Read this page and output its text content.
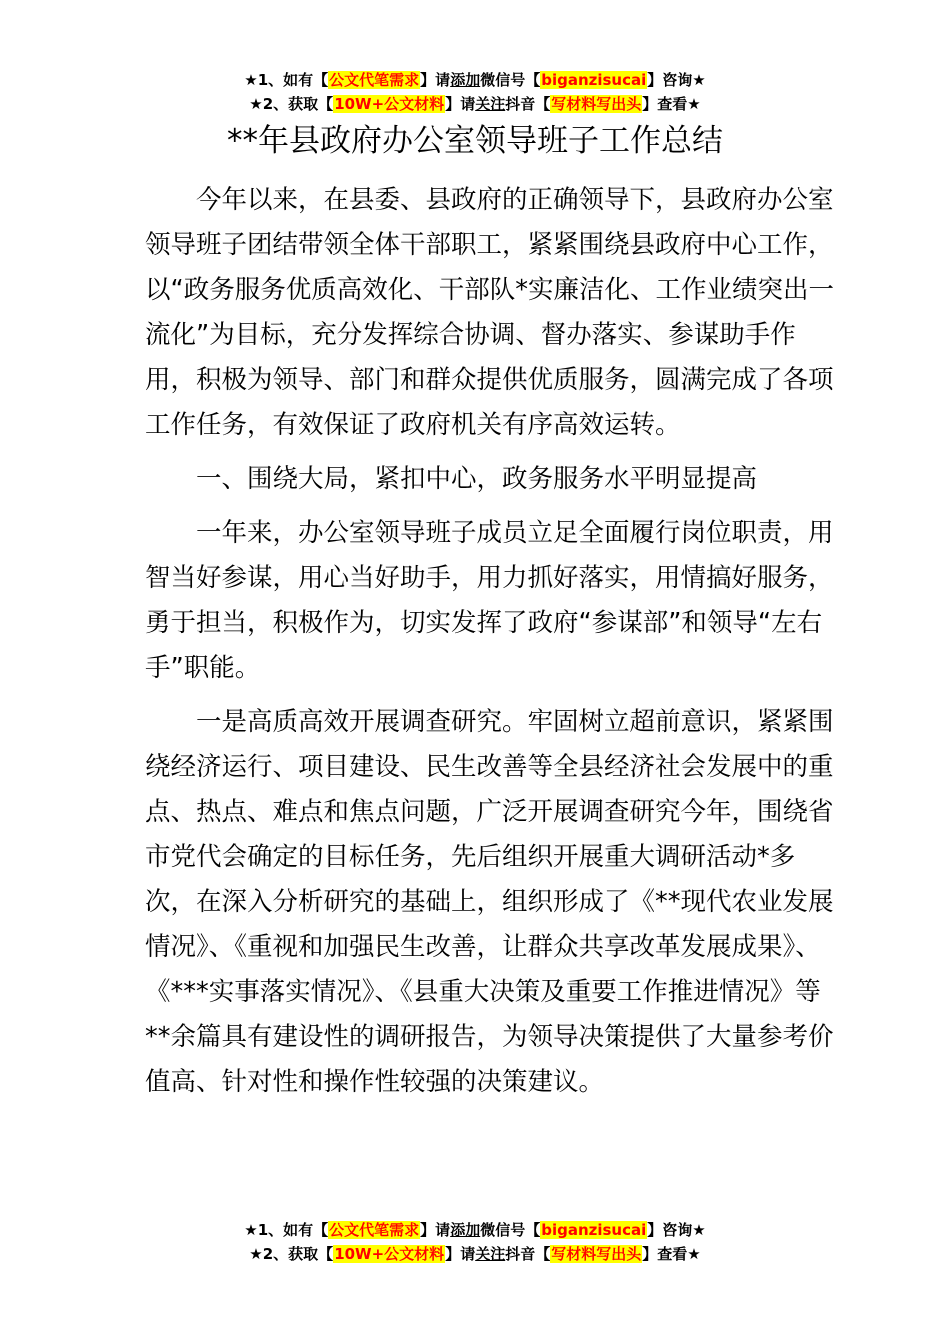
★1、如有【公文代笔需求】请添加微信号【biganzisucai】咨询★
★2、获取【10W+公文材料】请关注抖音【写材料写出头】查看★
**年县政府办公室领导班子工作总结

今年以来，在县委、县政府的正确领导下，县政府办公室领导班子团结带领全体干部职工，紧紧围绕县政府中心工作，以“政务服务优质高效化、干部队*实廉洁化、工作业绩突出一流化”为目标，充分发挥综合协调、督办落实、参谋助手作用，积极为领导、部门和群众提供优质服务，圆满完成了各项工作任务，有效保证了政府机关有序高效运转。

一、围绕大局，紧扣中心，政务服务水平明显提高

一年来，办公室领导班子成员立足全面履行岗位职责，用智当好参谋，用心当好助手，用力抓好落实，用情搞好服务，勇于担当，积极作为，切实发挥了政府“参谋部”和领导“左右手”职能。

一是高质高效开展调查研究。牢固树立超前意识，紧紧围绕经济运行、项目建设、民生改善等全县经济社会发展中的重点、热点、难点和焦点问题，广泛开展调查研究今年，围绕省市党代会确定的目标任务，先后组织开展重大调研活动*多次，在深入分析研究的基础上，组织形成了《**现代农业发展情况》、《重视和加强民生改善，让群众共享改革发展成果》、《***实事落实情况》、《县重大决策及重要工作推进情况》等**余篇具有建设性的调研报告，为领导决策提供了大量参考价值高、针对性和操作性较强的决策建议。

★1、如有【公文代笔需求】请添加微信号【biganzisucai】咨询★
★2、获取【10W+公文材料】请关注抖音【写材料写出头】查看★
